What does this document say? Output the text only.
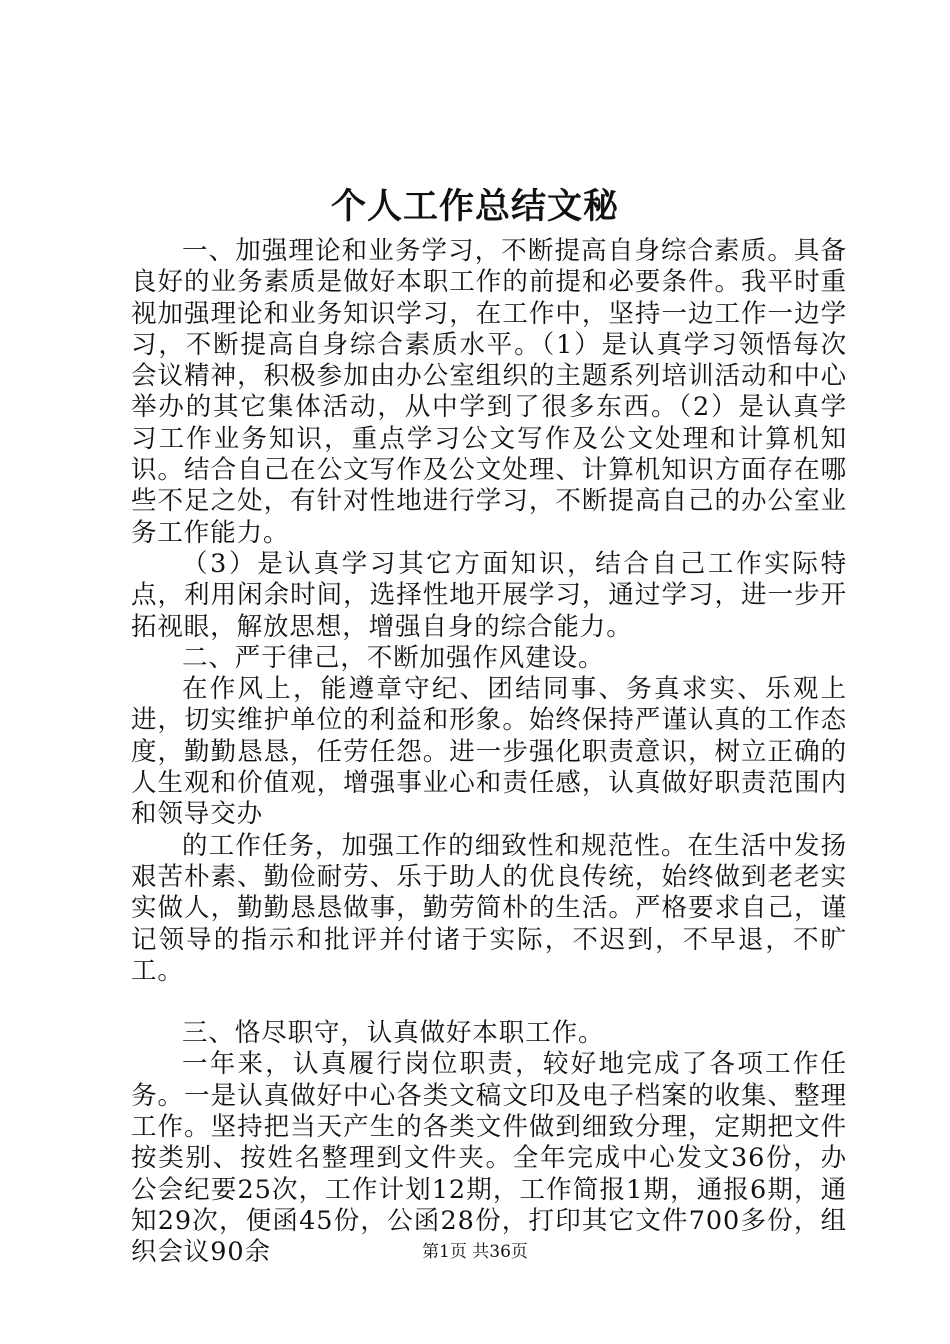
个人工作总结文秘

一、加强理论和业务学习，不断提高自身综合素质。具备良好的业务素质是做好本职工作的前提和必要条件。我平时重视加强理论和业务知识学习，在工作中，坚持一边工作一边学习，不断提高自身综合素质水平。（1）是认真学习领悟每次会议精神，积极参加由办公室组织的主题系列培训活动和中心举办的其它集体活动，从中学到了很多东西。（2）是认真学习工作业务知识，重点学习公文写作及公文处理和计算机知识。结合自己在公文写作及公文处理、计算机知识方面存在哪些不足之处，有针对性地进行学习，不断提高自己的办公室业务工作能力。

（3）是认真学习其它方面知识，结合自己工作实际特点，利用闲余时间，选择性地开展学习，通过学习，进一步开拓视眼，解放思想，增强自身的综合能力。

二、严于律己，不断加强作风建设。

在作风上，能遵章守纪、团结同事、务真求实、乐观上进，切实维护单位的利益和形象。始终保持严谨认真的工作态度，勤勤恳恳，任劳任怨。进一步强化职责意识，树立正确的人生观和价值观，增强事业心和责任感，认真做好职责范围内和领导交办

的工作任务，加强工作的细致性和规范性。在生活中发扬艰苦朴素、勤俭耐劳、乐于助人的优良传统，始终做到老老实实做人，勤勤恳恳做事，勤劳简朴的生活。严格要求自己，谨记领导的指示和批评并付诸于实际，不迟到，不早退，不旷工。

三、恪尽职守，认真做好本职工作。

一年来，认真履行岗位职责，较好地完成了各项工作任务。一是认真做好中心各类文稿文印及电子档案的收集、整理工作。坚持把当天产生的各类文件做到细致分理，定期把文件按类别、按姓名整理到文件夹。全年完成中心发文36份，办公会纪要25次，工作计划12期，工作简报1期，通报6期，通知29次，便函45份，公函28份，打印其它文件700多份，组织会议90余	第1页 共36页
